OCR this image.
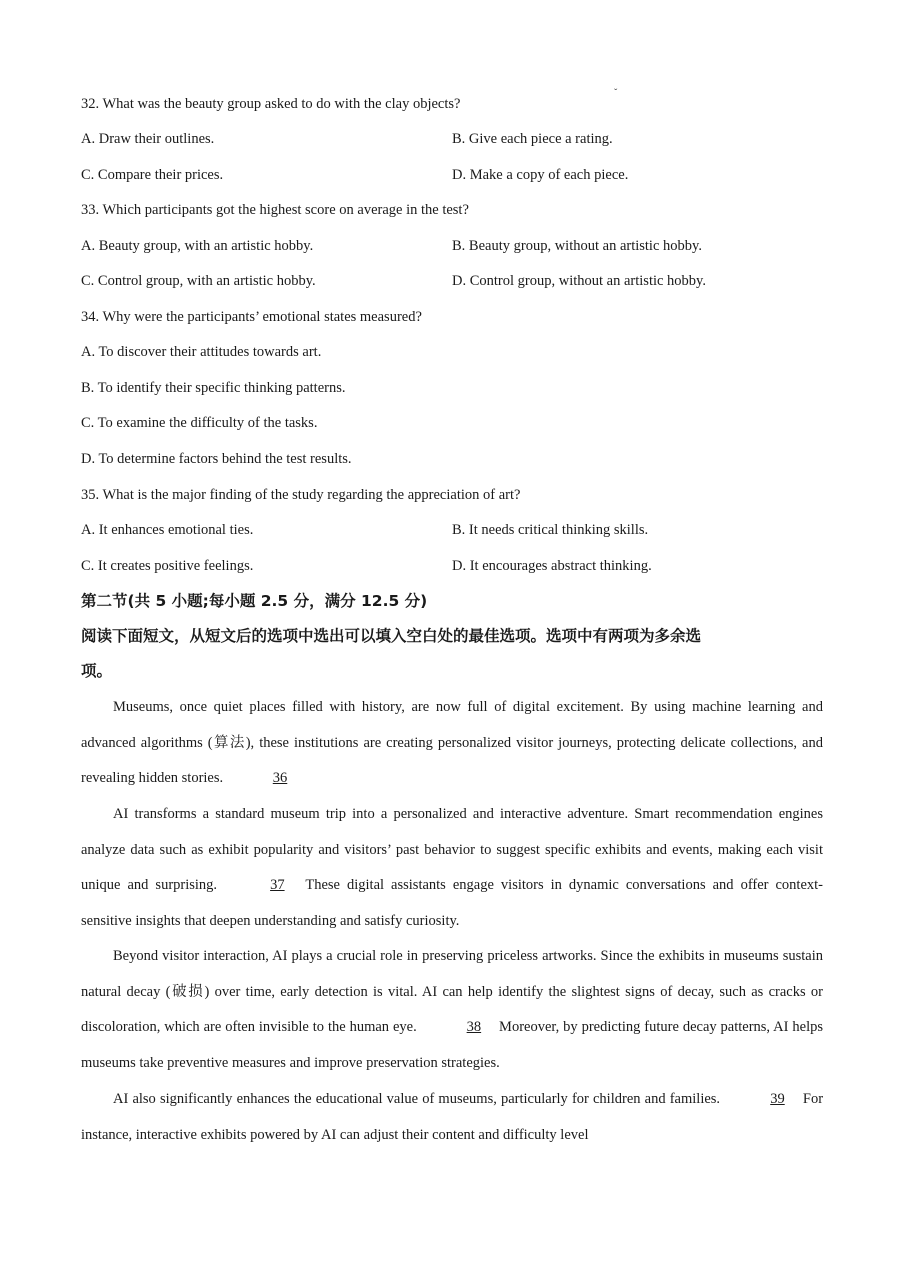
ˇ
32. What was the beauty group asked to do with the clay objects?
A. Draw their outlines.	B. Give each piece a rating.
C. Compare their prices.	D. Make a copy of each piece.
33. Which participants got the highest score on average in the test?
A. Beauty group, with an artistic hobby.	B. Beauty group, without an artistic hobby.
C. Control group, with an artistic hobby.	D. Control group, without an artistic hobby.
34. Why were the participants’ emotional states measured?
A. To discover their attitudes towards art.
B. To identify their specific thinking patterns.
C. To examine the difficulty of the tasks.
D. To determine factors behind the test results.
35. What is the major finding of the study regarding the appreciation of art?
A. It enhances emotional ties.	B. It needs critical thinking skills.
C. It creates positive feelings.	D. It encourages abstract thinking.
第二节(共 5 小题;每小题 2.5 分，满分 12.5 分)
阅读下面短文，从短文后的选项中选出可以填入空白处的最佳选项。选项中有两项为多余选
项。
Museums, once quiet places filled with history, are now full of digital excitement. By using machine learning and advanced algorithms (算法), these institutions are creating personalized visitor journeys, protecting delicate collections, and revealing hidden stories.	36
AI transforms a standard museum trip into a personalized and interactive adventure. Smart recommendation engines analyze data such as exhibit popularity and visitors’ past behavior to suggest specific exhibits and events, making each visit unique and surprising.	37 These digital assistants engage visitors in dynamic conversations and offer context-sensitive insights that deepen understanding and satisfy curiosity.
Beyond visitor interaction, AI plays a crucial role in preserving priceless artworks. Since the exhibits in museums sustain natural decay (破损) over time, early detection is vital. AI can help identify the slightest signs of decay, such as cracks or discoloration, which are often invisible to the human eye.	38 Moreover, by predicting future decay patterns, AI helps museums take preventive measures and improve preservation strategies.
AI also significantly enhances the educational value of museums, particularly for children and families.	39 For instance, interactive exhibits powered by AI can adjust their content and difficulty level
